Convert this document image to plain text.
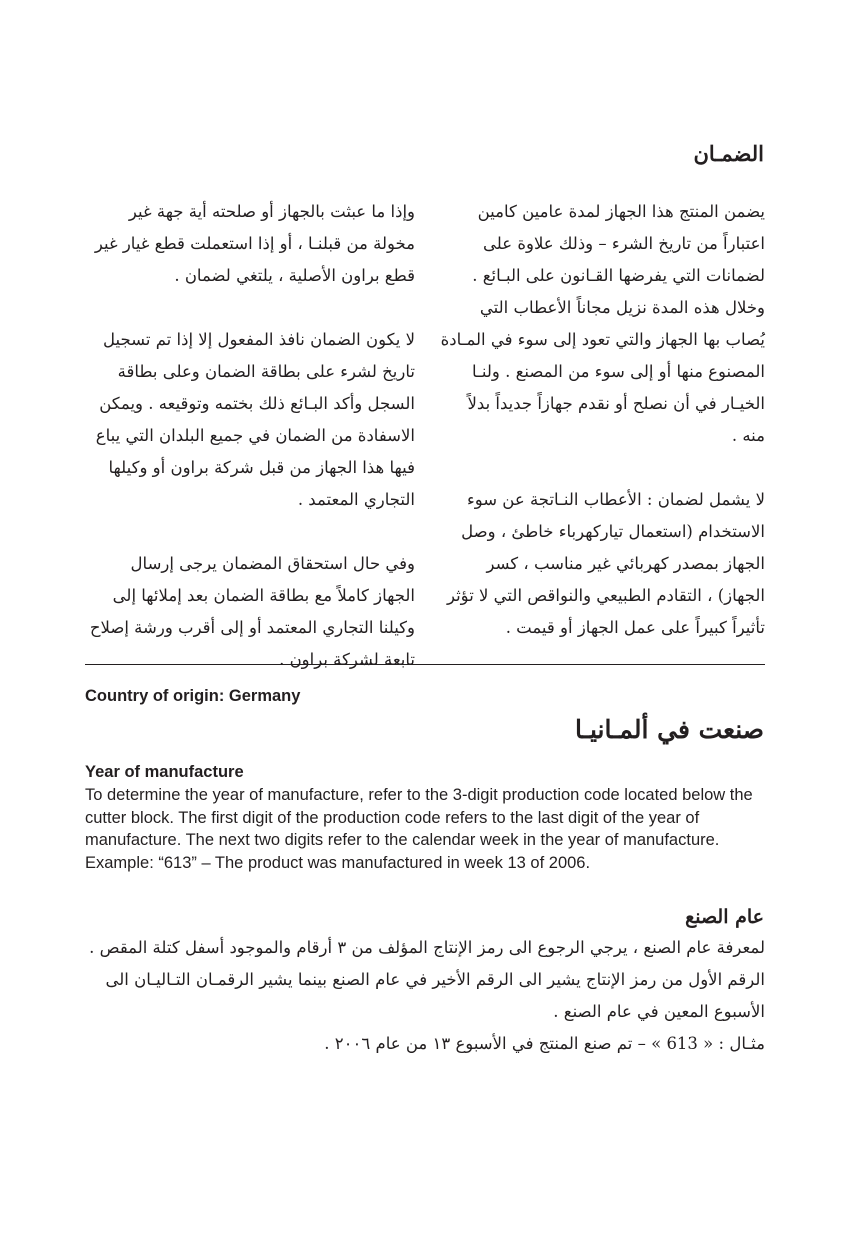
الضمـان

يضمن المنتج هذا الجهاز لمدة عامين كامين اعتباراً من تاريخ الشرء – وذلك علاوة على لضمانات التي يفرضها القـانون على البـائع . وخلال هذه المدة نزيل مجاناً الأعطاب التي يُصاب بها الجهاز والتي تعود إلى سوء في المـادة المصنوع منها أو إلى سوء من المصنع . ولنـا الخيـار في أن نصلح أو نقدم جهازاً جديداً بدلاً منه .

لا يشمل لضمان : الأعطاب النـاتجة عن سوء الاستخدام (استعمال تياركهرباء خاطئ ، وصل الجهاز بمصدر كهربائي غير مناسب ، كسر الجهاز) ، التقادم الطبيعي والنواقص التي لا تؤثر تأثيراً كبيراً على عمل الجهاز أو قيمت .

وإذا ما عبثت بالجهاز أو صلحته أية جهة غير مخولة من قبلنـا ، أو إذا استعملت قطع غيار غير قطع براون الأصلية ، يلتغي لضمان .

لا يكون الضمان نافذ المفعول إلا إذا تم تسجيل تاريخ لشرء على بطاقة الضمان وعلى بطاقة السجل وأكد البـائع ذلك بختمه وتوقيعه . ويمكن الاسفادة من الضمان في جميع البلدان التي يباع فيها هذا الجهاز من قبل شركة براون أو وكيلها التجاري المعتمد .

وفي حال استحقاق المضمان يرجى إرسال الجهاز كاملاً مع بطاقة الضمان بعد إملائها إلى وكيلنا التجاري المعتمد أو إلى أقرب ورشة إصلاح تابعة لشركة براون .

Country of origin: Germany
صنعت في ألمـانيـا
Year of manufacture

To determine the year of manufacture, refer to the 3-digit production code located below the cutter block. The first digit of the production code refers to the last digit of the year of manufacture. The next two digits refer to the calendar week in the year of manufacture.

Example: “613” – The product was manufactured in week 13 of 2006.

عام الصنع

لمعرفة عام الصنع ، يرجي الرجوع الى رمز الإنتاج المؤلف من ٣ أرقام والموجود أسفل كتلة المقص . الرقم الأول من رمز الإنتاج يشير الى الرقم الأخير في عام الصنع بينما يشير الرقمـان التـاليـان الى الأسبوع المعين في عام الصنع .

مثـال : « 613 » – تم صنع المنتج في الأسبوع ١٣ من عام ٢٠٠٦ .
